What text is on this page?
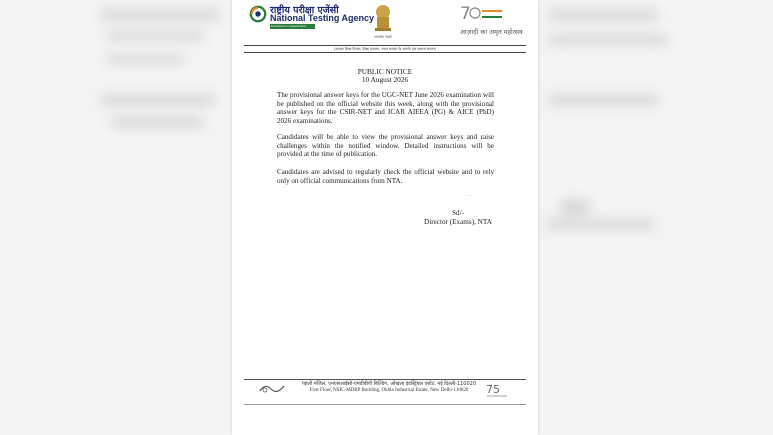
राष्ट्रीय परीक्षा एजेंसी
National Testing Agency
Excellence in Assessment
सत्यमेव जयते
7
आज़ादी का अमृत महोत्सव
(उच्चतर शिक्षा विभाग, शिक्षा मंत्रालय, भारत सरकार के अंतर्गत एक स्वायत्त संगठन)
PUBLIC NOTICE
10 August 2026
The provisional answer keys for the UGC-NET June 2026 examination will be published on the official website this week, along with the provisional answer keys for the CSIR-NET and ICAR AIEEA (PG) & AICE (PhD) 2026 examinations.
Candidates will be able to view the provisional answer keys and raise challenges within the notified window. Detailed instructions will be provided at the time of publication.
Candidates are advised to regularly check the official website and to rely only on official communications from NTA.
...
Sd/-
Director (Exams), NTA
पहली मंजिल, एनएसआईसी-एमडीबीपी बिल्डिंग, ओखला इंडस्ट्रियल एस्टेट, नई दिल्ली-110020
First Floor, NSIC-MDBP Building, Okhla Industrial Estate, New Delhi-110020	75
